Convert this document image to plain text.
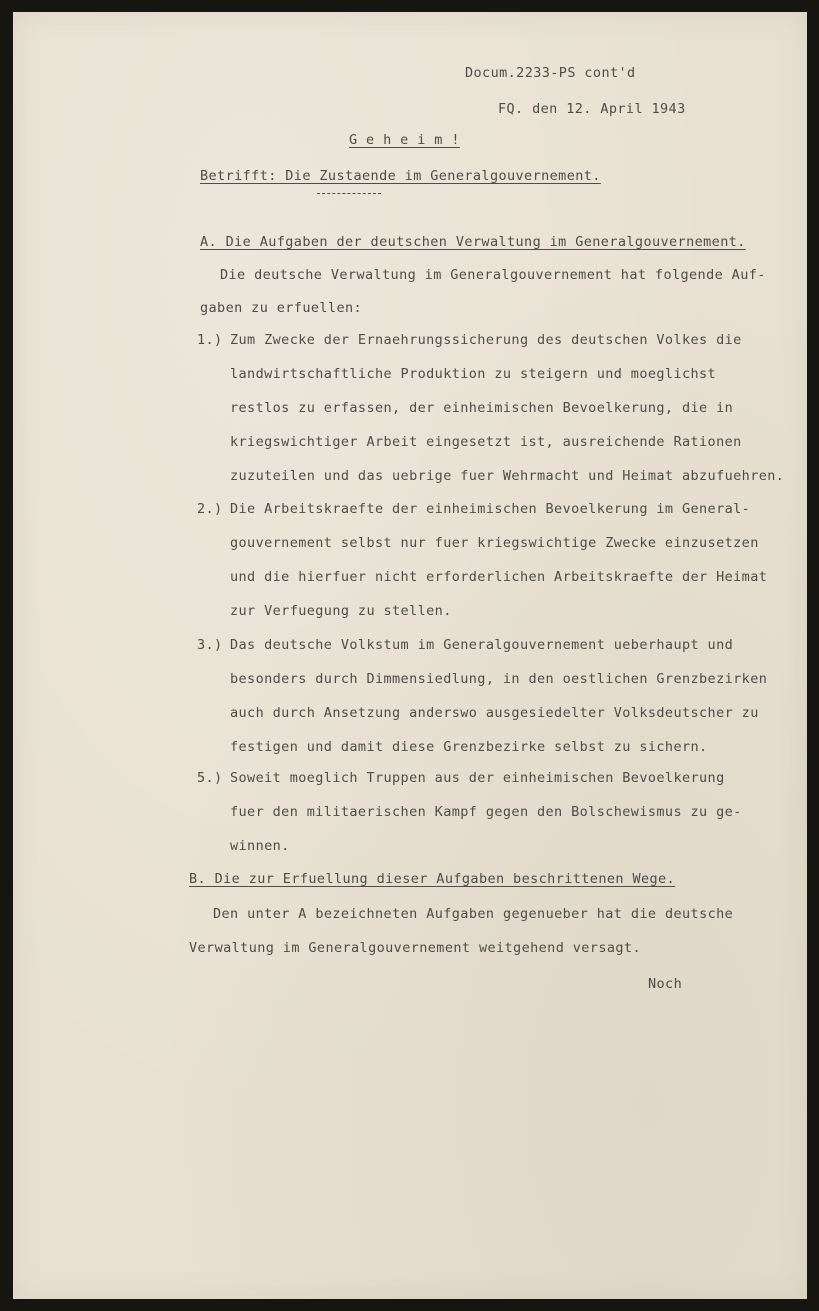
Docum.2233-PS cont'd
FQ. den 12. April 1943
G e h e i m !
Betrifft: Die Zustaende im Generalgouvernement.
A. Die Aufgaben der deutschen Verwaltung im Generalgouvernement.
Die deutsche Verwaltung im Generalgouvernement hat folgende Auf-
gaben zu erfuellen:
1.) Zum Zwecke der Ernaehrungssicherung des deutschen Volkes die
landwirtschaftliche Produktion zu steigern und moeglichst
restlos zu erfassen, der einheimischen Bevoelkerung, die in
kriegswichtiger Arbeit eingesetzt ist, ausreichende Rationen
zuzuteilen und das uebrige fuer Wehrmacht und Heimat abzufuehren.
2.) Die Arbeitskraefte der einheimischen Bevoelkerung im General-
gouvernement selbst nur fuer kriegswichtige Zwecke einzusetzen
und die hierfuer nicht erforderlichen Arbeitskraefte der Heimat
zur Verfuegung zu stellen.
3.) Das deutsche Volkstum im Generalgouvernement ueberhaupt und
besonders durch Dimmensiedlung, in den oestlichen Grenzbezirken
auch durch Ansetzung anderswo ausgesiedelter Volksdeutscher zu
festigen und damit diese Grenzbezirke selbst zu sichern.
5.) Soweit moeglich Truppen aus der einheimischen Bevoelkerung
fuer den militaerischen Kampf gegen den Bolschewismus zu ge-
winnen.
B. Die zur Erfuellung dieser Aufgaben beschrittenen Wege.
Den unter A bezeichneten Aufgaben gegenueber hat die deutsche
Verwaltung im Generalgouvernement weitgehend versagt.
Noch
